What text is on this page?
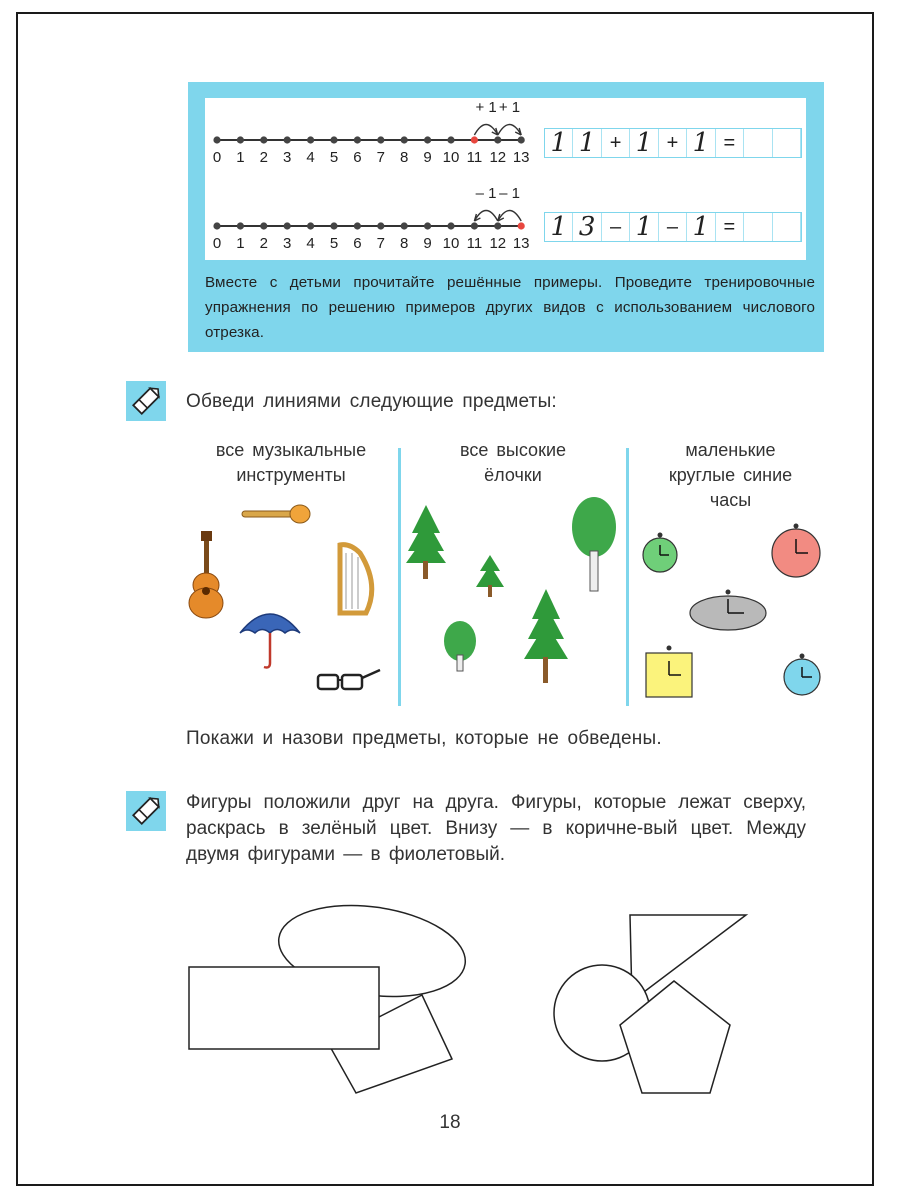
0 1 2 3 4 5 6 7 8 9 10 11 12 13
+ 1 + 1
0 1 2 3 4 5 6 7 8 9 10 11 12 13
– 1
– 1
1 1 + 1 + 1 =
1 3 – 1 – 1 =
Вместе с детьми прочитайте решённые примеры. Проведите тренировочные упражнения по решению примеров других видов с использованием числового отрезка.
Обведи линиями следующие предметы:
все музыкальные
инструменты
все высокие
ёлочки
маленькие
круглые синие
часы
Покажи и назови предметы, которые не обведены.
Фигуры положили друг на друга. Фигуры, которые лежат сверху, раскрась в зелёный цвет. Внизу — в коричне-вый цвет. Между двумя фигурами — в фиолетовый.
18
